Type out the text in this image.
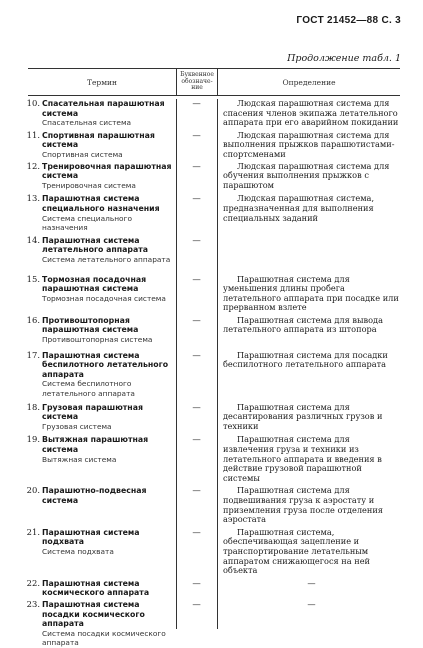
ГОСТ 21452—88 С. 3
Продолжение табл. 1
Термин
Буквенное обозначе- ние
Определение
10. Спасательная парашютная система
Спасательная система
—	Людская парашютная система для спасения членов экипажа летательного аппарата при его аварийном покидании
11. Спортивная парашютная система
Спортивная система
—	Людская парашютная система для выполнения прыжков парашютистами-спортсменами
12. Тренировочная парашютная система
Тренировочная система
—	Людская парашютная система для обучения выполнения прыжков с парашютом
13. Парашютная система специального назначения
Система специального назначения
—	Людская парашютная система, предназначенная для выполнения специальных заданий
14. Парашютная система летательного аппарата
Система летательного аппарата
—
15. Тормозная посадочная парашютная система
Тормозная посадочная система
—	Парашютная система для уменьшения длины пробега летательного аппарата при посадке или прерванном взлете
16. Противоштопорная парашютная система
Противоштопорная система
—	Парашютная система для вывода летательного аппарата из штопора
17. Парашютная система беспилотного летательного аппарата
Система беспилотного летательного аппарата
—	Парашютная система для посадки беспилотного летательного аппарата
18. Грузовая парашютная система
Грузовая система
—	Парашютная система для десантирования различных грузов и техники
19. Вытяжная парашютная система
Вытяжная система
—	Парашютная система для извлечения груза и техники из летательного аппарата и введения в действие грузовой парашютной системы
20. Парашютно-подвесная система
—	Парашютная система для подвешивания груза к аэростату и приземления груза после отделения аэростата
21. Парашютная система подхвата
Система подхвата
—	Парашютная система, обеспечивающая зацепление и транспортирование летательным аппаратом снижающегося на ней объекта
22. Парашютная система космического аппарата
—	—
23. Парашютная система посадки космического аппарата
Система посадки космического аппарата
—	—
